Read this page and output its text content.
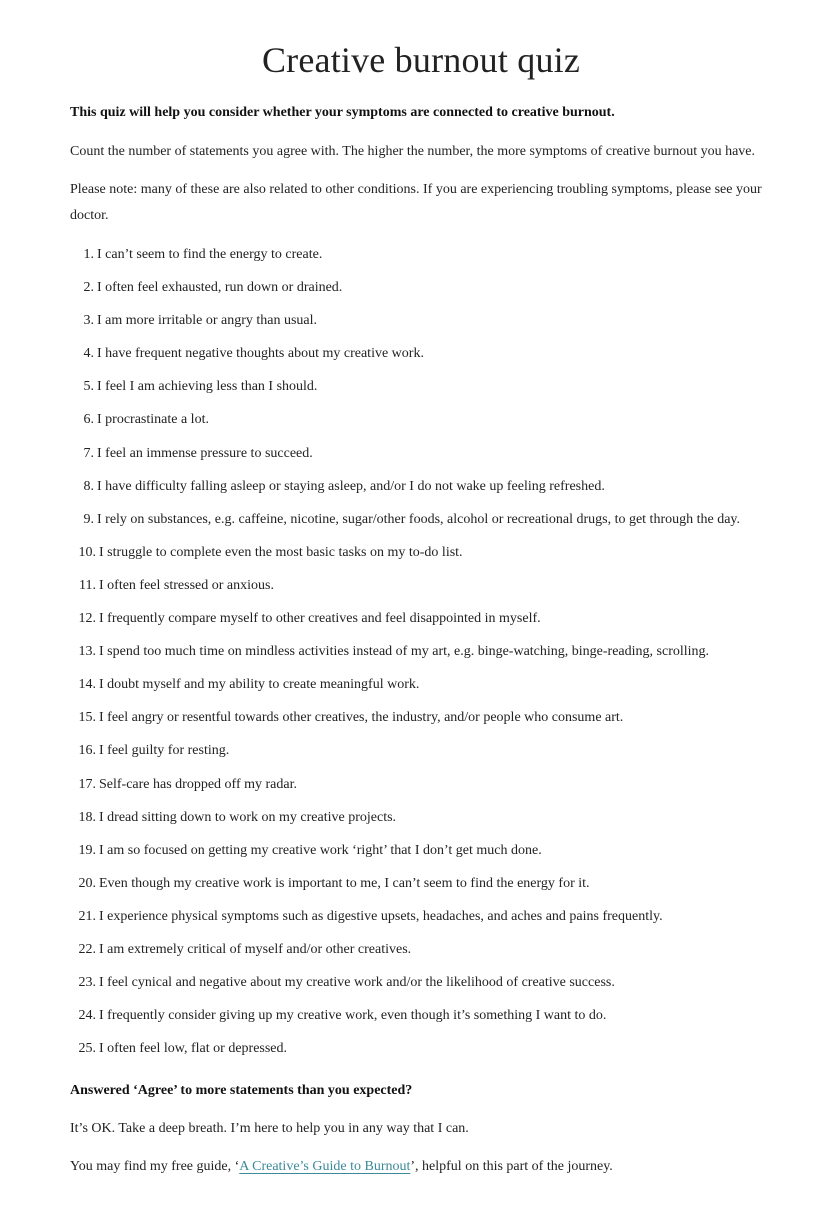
Creative burnout quiz

This quiz will help you consider whether your symptoms are connected to creative burnout.

Count the number of statements you agree with. The higher the number, the more symptoms of creative burnout you have.

Please note: many of these are also related to other conditions. If you are experiencing troubling symptoms, please see your doctor.

1. I can’t seem to find the energy to create.
2. I often feel exhausted, run down or drained.
3. I am more irritable or angry than usual.
4. I have frequent negative thoughts about my creative work.
5. I feel I am achieving less than I should.
6. I procrastinate a lot.
7. I feel an immense pressure to succeed.
8. I have difficulty falling asleep or staying asleep, and/or I do not wake up feeling refreshed.
9. I rely on substances, e.g. caffeine, nicotine, sugar/other foods, alcohol or recreational drugs, to get through the day.
10. I struggle to complete even the most basic tasks on my to-do list.
11. I often feel stressed or anxious.
12. I frequently compare myself to other creatives and feel disappointed in myself.
13. I spend too much time on mindless activities instead of my art, e.g. binge-watching, binge-reading, scrolling.
14. I doubt myself and my ability to create meaningful work.
15. I feel angry or resentful towards other creatives, the industry, and/or people who consume art.
16. I feel guilty for resting.
17. Self-care has dropped off my radar.
18. I dread sitting down to work on my creative projects.
19. I am so focused on getting my creative work ‘right’ that I don’t get much done.
20. Even though my creative work is important to me, I can’t seem to find the energy for it.
21. I experience physical symptoms such as digestive upsets, headaches, and aches and pains frequently.
22. I am extremely critical of myself and/or other creatives.
23. I feel cynical and negative about my creative work and/or the likelihood of creative success.
24. I frequently consider giving up my creative work, even though it’s something I want to do.
25. I often feel low, flat or depressed.

Answered ‘Agree’ to more statements than you expected?

It’s OK. Take a deep breath. I’m here to help you in any way that I can.

You may find my free guide, ‘A Creative’s Guide to Burnout’, helpful on this part of the journey.
